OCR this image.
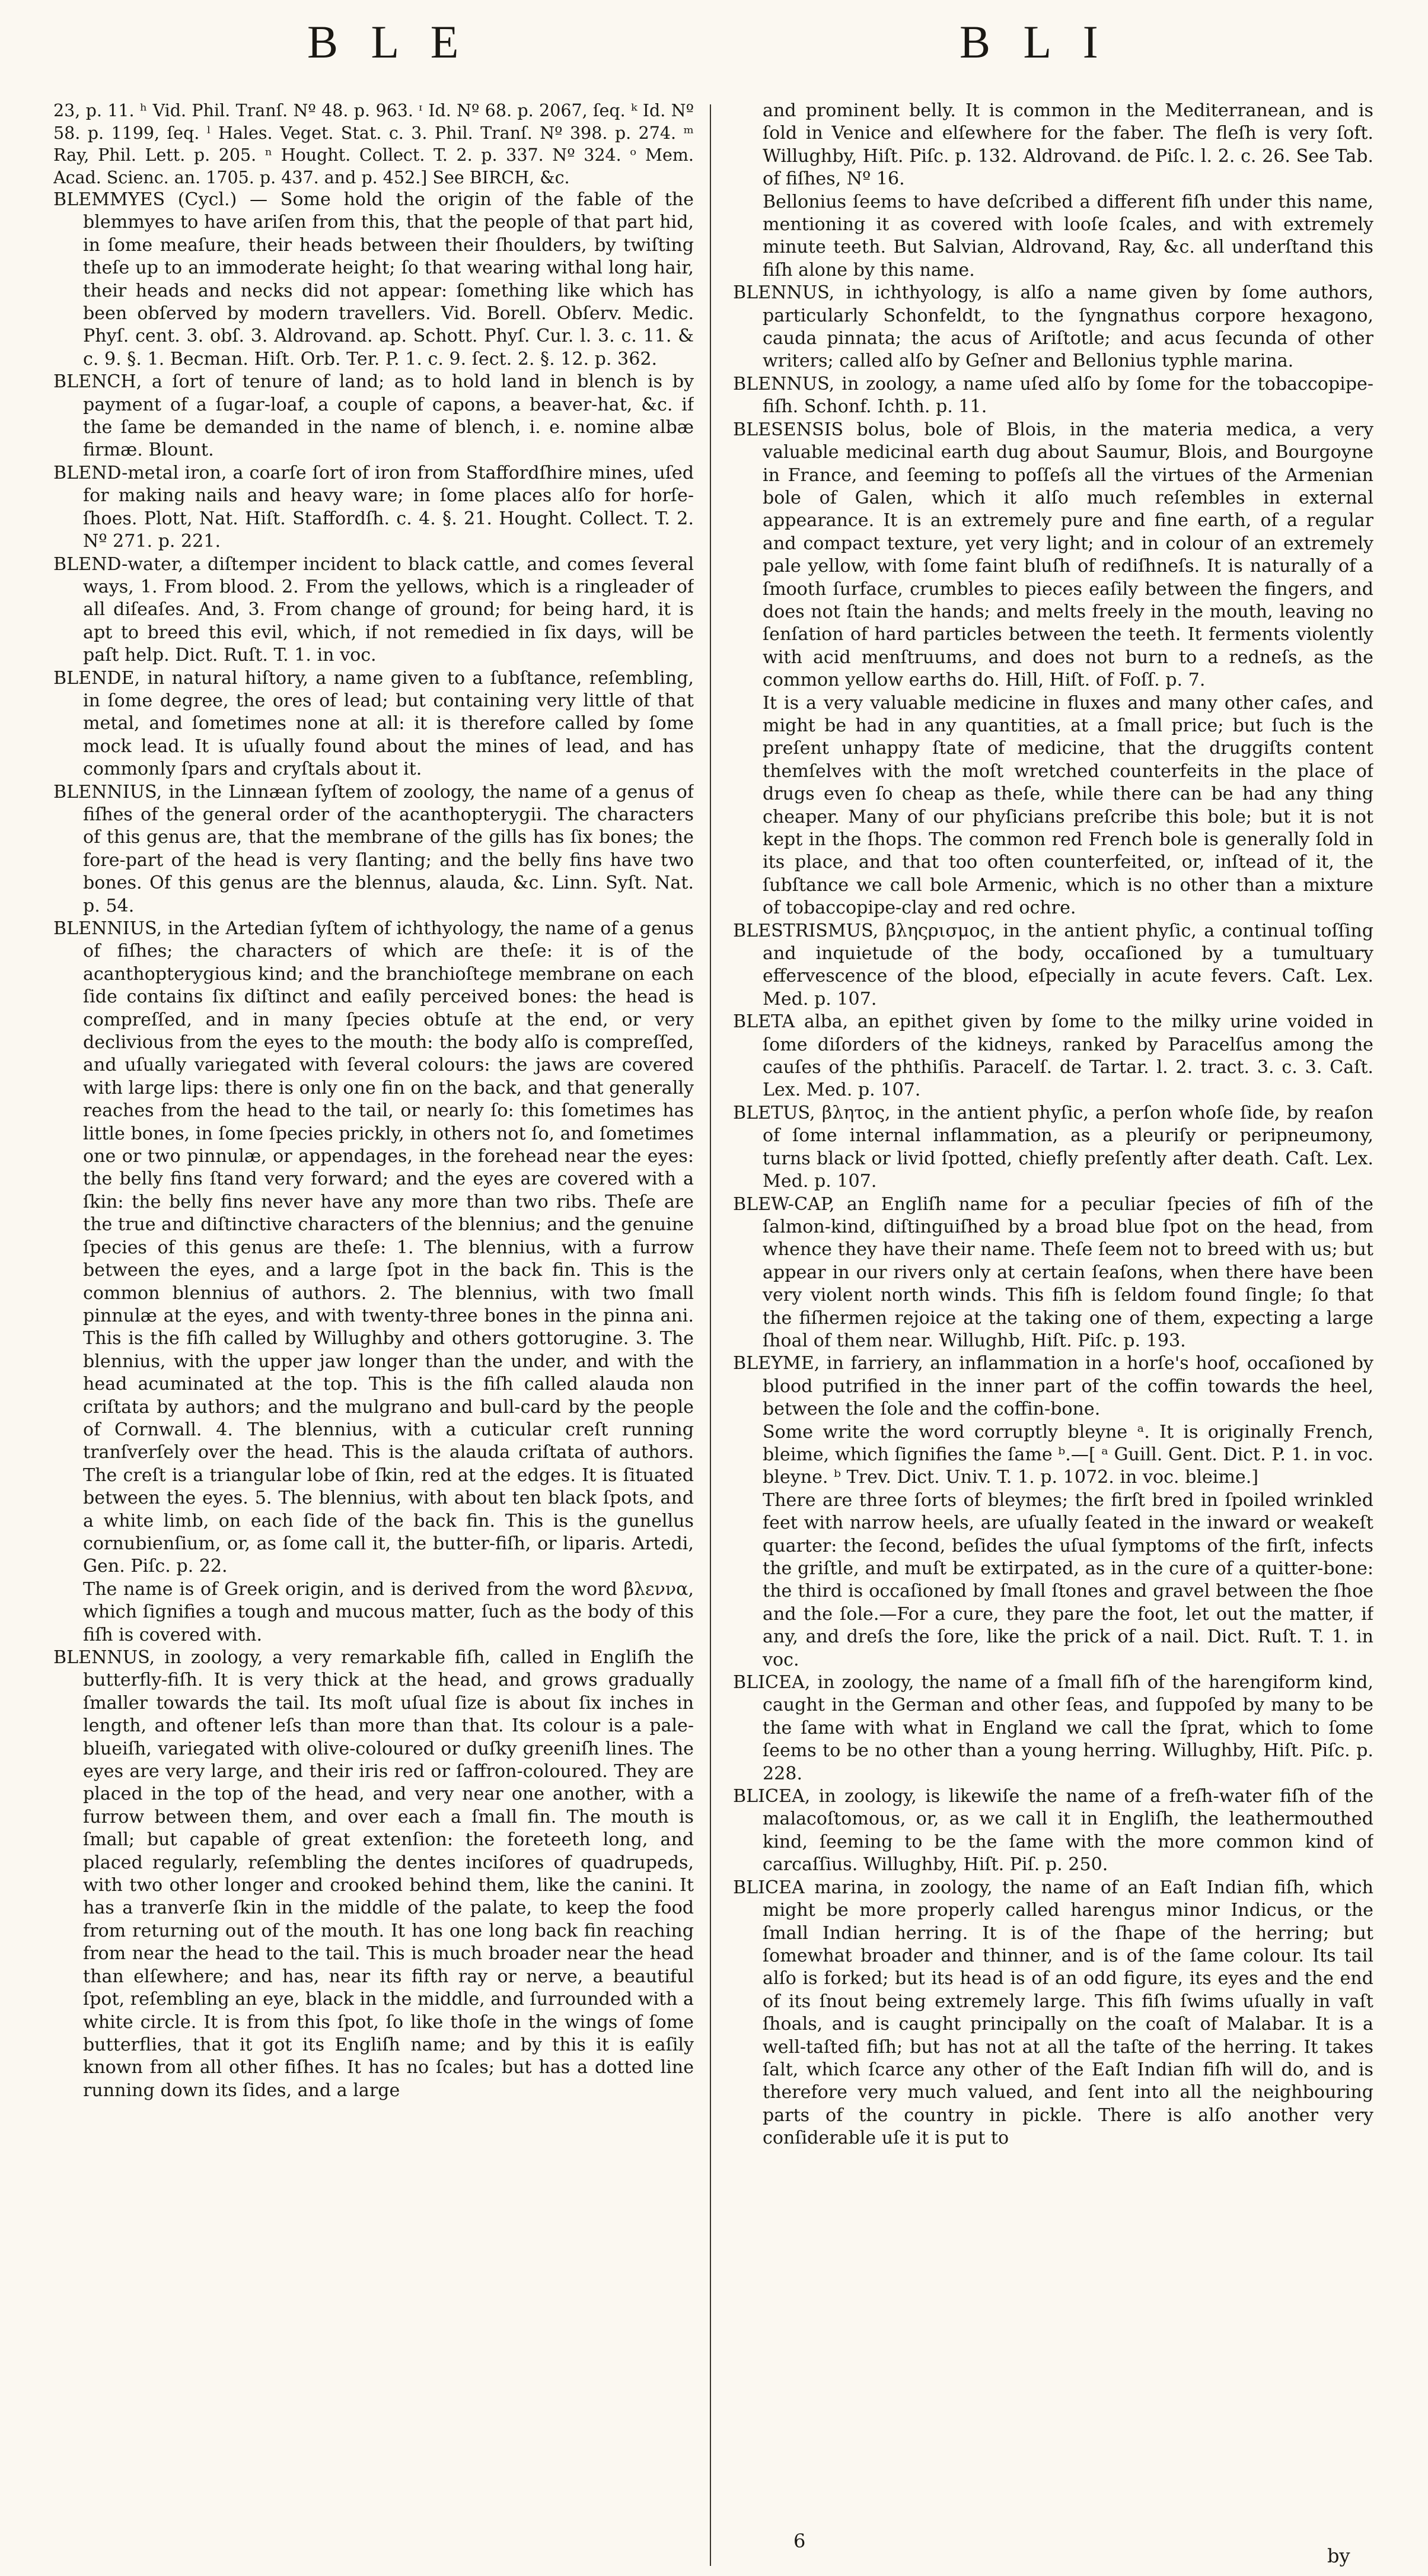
B L E	B L I

23, p. 11. ʰ Vid. Phil. Tranſ. Nº 48. p. 963. ᶦ Id. Nº 68. p. 2067, ſeq. ᵏ Id. Nº 58. p. 1199, ſeq. ˡ Hales. Veget. Stat. c. 3. Phil. Tranſ. Nº 398. p. 274. ᵐ Ray, Phil. Lett. p. 205. ⁿ Hought. Collect. T. 2. p. 337. Nº 324. ᵒ Mem. Acad. Scienc. an. 1705. p. 437. and p. 452.] See BIRCH, &c.

BLEMMYES (Cycl.) — Some hold the origin of the fable of the blemmyes to have ariſen from this, that the people of that part hid, in ſome meaſure, their heads between their ſhoulders, by twiſting theſe up to an immoderate height; ſo that wearing withal long hair, their heads and necks did not appear: ſomething like which has been obſerved by modern travellers. Vid. Borell. Obſerv. Medic. Phyſ. cent. 3. obſ. 3. Aldrovand. ap. Schott. Phyſ. Cur. l. 3. c. 11. & c. 9. §. 1. Becman. Hiſt. Orb. Ter. P. 1. c. 9. ſect. 2. §. 12. p. 362.

BLENCH, a ſort of tenure of land; as to hold land in blench is by payment of a ſugar-loaf, a couple of capons, a beaver-hat, &c. if the ſame be demanded in the name of blench, i. e. nomine albæ firmæ. Blount.

BLEND-metal iron, a coarſe ſort of iron from Staffordſhire mines, uſed for making nails and heavy ware; in ſome places alſo for horſe-ſhoes. Plott, Nat. Hiſt. Staffordſh. c. 4. §. 21. Hought. Collect. T. 2. Nº 271. p. 221.

BLEND-water, a diſtemper incident to black cattle, and comes ſeveral ways, 1. From blood. 2. From the yellows, which is a ringleader of all diſeaſes. And, 3. From change of ground; for being hard, it is apt to breed this evil, which, if not remedied in ſix days, will be paſt help. Dict. Ruſt. T. 1. in voc.

BLENDE, in natural hiſtory, a name given to a ſubſtance, reſembling, in ſome degree, the ores of lead; but containing very little of that metal, and ſometimes none at all: it is therefore called by ſome mock lead. It is uſually found about the mines of lead, and has commonly ſpars and cryſtals about it.

BLENNIUS, in the Linnæan ſyſtem of zoology, the name of a genus of fiſhes of the general order of the acanthopterygii. The characters of this genus are, that the membrane of the gills has ſix bones; the fore-part of the head is very ſlanting; and the belly fins have two bones. Of this genus are the blennus, alauda, &c. Linn. Syſt. Nat. p. 54.

BLENNIUS, in the Artedian ſyſtem of ichthyology, the name of a genus of fiſhes; the characters of which are theſe: it is of the acanthopterygious kind; and the branchioſtege membrane on each ſide contains ſix diſtinct and eaſily perceived bones: the head is compreſſed, and in many ſpecies obtuſe at the end, or very declivious from the eyes to the mouth: the body alſo is compreſſed, and uſually variegated with ſeveral colours: the jaws are covered with large lips: there is only one fin on the back, and that generally reaches from the head to the tail, or nearly ſo: this ſometimes has little bones, in ſome ſpecies prickly, in others not ſo, and ſometimes one or two pinnulæ, or appendages, in the forehead near the eyes: the belly fins ſtand very forward; and the eyes are covered with a ſkin: the belly fins never have any more than two ribs. Theſe are the true and diſtinctive characters of the blennius; and the genuine ſpecies of this genus are theſe: 1. The blennius, with a furrow between the eyes, and a large ſpot in the back fin. This is the common blennius of authors. 2. The blennius, with two ſmall pinnulæ at the eyes, and with twenty-three bones in the pinna ani. This is the fiſh called by Willughby and others gottorugine. 3. The blennius, with the upper jaw longer than the under, and with the head acuminated at the top. This is the fiſh called alauda non criſtata by authors; and the mulgrano and bull-card by the people of Cornwall. 4. The blennius, with a cuticular creſt running tranſverſely over the head. This is the alauda criſtata of authors. The creſt is a triangular lobe of ſkin, red at the edges. It is ſituated between the eyes. 5. The blennius, with about ten black ſpots, and a white limb, on each ſide of the back fin. This is the gunellus cornubienſium, or, as ſome call it, the butter-fiſh, or liparis. Artedi, Gen. Piſc. p. 22.

The name is of Greek origin, and is derived from the word βλεννα, which ſignifies a tough and mucous matter, ſuch as the body of this fiſh is covered with.

BLENNUS, in zoology, a very remarkable fiſh, called in Engliſh the butterfly-fiſh. It is very thick at the head, and grows gradually ſmaller towards the tail. Its moſt uſual ſize is about ſix inches in length, and oftener leſs than more than that. Its colour is a pale-blueiſh, variegated with olive-coloured or duſky greeniſh lines. The eyes are very large, and their iris red or ſaffron-coloured. They are placed in the top of the head, and very near one another, with a furrow between them, and over each a ſmall fin. The mouth is ſmall; but capable of great extenſion: the foreteeth long, and placed regularly, reſembling the dentes inciſores of quadrupeds, with two other longer and crooked behind them, like the canini. It has a tranverſe ſkin in the middle of the palate, to keep the food from returning out of the mouth. It has one long back fin reaching from near the head to the tail. This is much broader near the head than elſewhere; and has, near its fifth ray or nerve, a beautiful ſpot, reſembling an eye, black in the middle, and ſurrounded with a white circle. It is from this ſpot, ſo like thoſe in the wings of ſome butterflies, that it got its Engliſh name; and by this it is eaſily known from all other fiſhes. It has no ſcales; but has a dotted line running down its ſides, and a large

and prominent belly. It is common in the Mediterranean, and is ſold in Venice and elſewhere for the faber. The fleſh is very ſoft. Willughby, Hiſt. Piſc. p. 132. Aldrovand. de Piſc. l. 2. c. 26. See Tab. of fiſhes, Nº 16.

Bellonius ſeems to have deſcribed a different fiſh under this name, mentioning it as covered with looſe ſcales, and with extremely minute teeth. But Salvian, Aldrovand, Ray, &c. all underſtand this fiſh alone by this name.

BLENNUS, in ichthyology, is alſo a name given by ſome authors, particularly Schonfeldt, to the ſyngnathus corpore hexagono, cauda pinnata; the acus of Ariſtotle; and acus ſecunda of other writers; called alſo by Geſner and Bellonius typhle marina.

BLENNUS, in zoology, a name uſed alſo by ſome for the tobaccopipe-fiſh. Schonf. Ichth. p. 11.

BLESENSIS bolus, bole of Blois, in the materia medica, a very valuable medicinal earth dug about Saumur, Blois, and Bourgoyne in France, and ſeeming to poſſeſs all the virtues of the Armenian bole of Galen, which it alſo much reſembles in external appearance. It is an extremely pure and fine earth, of a regular and compact texture, yet very light; and in colour of an extremely pale yellow, with ſome faint bluſh of rediſhneſs. It is naturally of a ſmooth ſurface, crumbles to pieces eaſily between the fingers, and does not ſtain the hands; and melts freely in the mouth, leaving no ſenſation of hard particles between the teeth. It ferments violently with acid menſtruums, and does not burn to a redneſs, as the common yellow earths do. Hill, Hiſt. of Foſſ. p. 7.

It is a very valuable medicine in fluxes and many other caſes, and might be had in any quantities, at a ſmall price; but ſuch is the preſent unhappy ſtate of medicine, that the druggiſts content themſelves with the moſt wretched counterfeits in the place of drugs even ſo cheap as theſe, while there can be had any thing cheaper. Many of our phyſicians preſcribe this bole; but it is not kept in the ſhops. The common red French bole is generally ſold in its place, and that too often counterfeited, or, inſtead of it, the ſubſtance we call bole Armenic, which is no other than a mixture of tobaccopipe-clay and red ochre.

BLESTRISMUS, βληςρισμος, in the antient phyſic, a continual toſſing and inquietude of the body, occaſioned by a tumultuary effervescence of the blood, eſpecially in acute fevers. Caſt. Lex. Med. p. 107.

BLETA alba, an epithet given by ſome to the milky urine voided in ſome diſorders of the kidneys, ranked by Paracelſus among the cauſes of the phthiſis. Paracelſ. de Tartar. l. 2. tract. 3. c. 3. Caſt. Lex. Med. p. 107.

BLETUS, βλητος, in the antient phyſic, a perſon whoſe ſide, by reaſon of ſome internal inflammation, as a pleuriſy or peripneumony, turns black or livid ſpotted, chiefly preſently after death. Caſt. Lex. Med. p. 107.

BLEW-CAP, an Engliſh name for a peculiar ſpecies of fiſh of the ſalmon-kind, diſtinguiſhed by a broad blue ſpot on the head, from whence they have their name. Theſe ſeem not to breed with us; but appear in our rivers only at certain ſeaſons, when there have been very violent north winds. This fiſh is ſeldom found ſingle; ſo that the fiſhermen rejoice at the taking one of them, expecting a large ſhoal of them near. Willughb, Hiſt. Piſc. p. 193.

BLEYME, in farriery, an inflammation in a horſe's hoof, occaſioned by blood putrified in the inner part of the coffin towards the heel, between the ſole and the coffin-bone.

Some write the word corruptly bleyne ᵃ. It is originally French, bleime, which ſignifies the ſame ᵇ.—[ ᵃ Guill. Gent. Dict. P. 1. in voc. bleyne. ᵇ Trev. Dict. Univ. T. 1. p. 1072. in voc. bleime.]

There are three ſorts of bleymes; the firſt bred in ſpoiled wrinkled feet with narrow heels, are uſually ſeated in the inward or weakeſt quarter: the ſecond, beſides the uſual ſymptoms of the firſt, infects the griſtle, and muſt be extirpated, as in the cure of a quitter-bone: the third is occaſioned by ſmall ſtones and gravel between the ſhoe and the ſole.—For a cure, they pare the foot, let out the matter, if any, and dreſs the ſore, like the prick of a nail. Dict. Ruſt. T. 1. in voc.

BLICEA, in zoology, the name of a ſmall fiſh of the harengiform kind, caught in the German and other ſeas, and ſuppoſed by many to be the ſame with what in England we call the ſprat, which to ſome ſeems to be no other than a young herring. Willughby, Hiſt. Piſc. p. 228.

BLICEA, in zoology, is likewiſe the name of a freſh-water fiſh of the malacoſtomous, or, as we call it in Engliſh, the leathermouthed kind, ſeeming to be the ſame with the more common kind of carcaſſius. Willughby, Hiſt. Piſ. p. 250.

BLICEA marina, in zoology, the name of an Eaſt Indian fiſh, which might be more properly called harengus minor Indicus, or the ſmall Indian herring. It is of the ſhape of the herring; but ſomewhat broader and thinner, and is of the ſame colour. Its tail alſo is forked; but its head is of an odd figure, its eyes and the end of its ſnout being extremely large. This fiſh ſwims uſually in vaſt ſhoals, and is caught principally on the coaſt of Malabar. It is a well-taſted fiſh; but has not at all the taſte of the herring. It takes ſalt, which ſcarce any other of the Eaſt Indian fiſh will do, and is therefore very much valued, and ſent into all the neighbouring parts of the country in pickle. There is alſo another very conſiderable uſe it is put to

6
by
